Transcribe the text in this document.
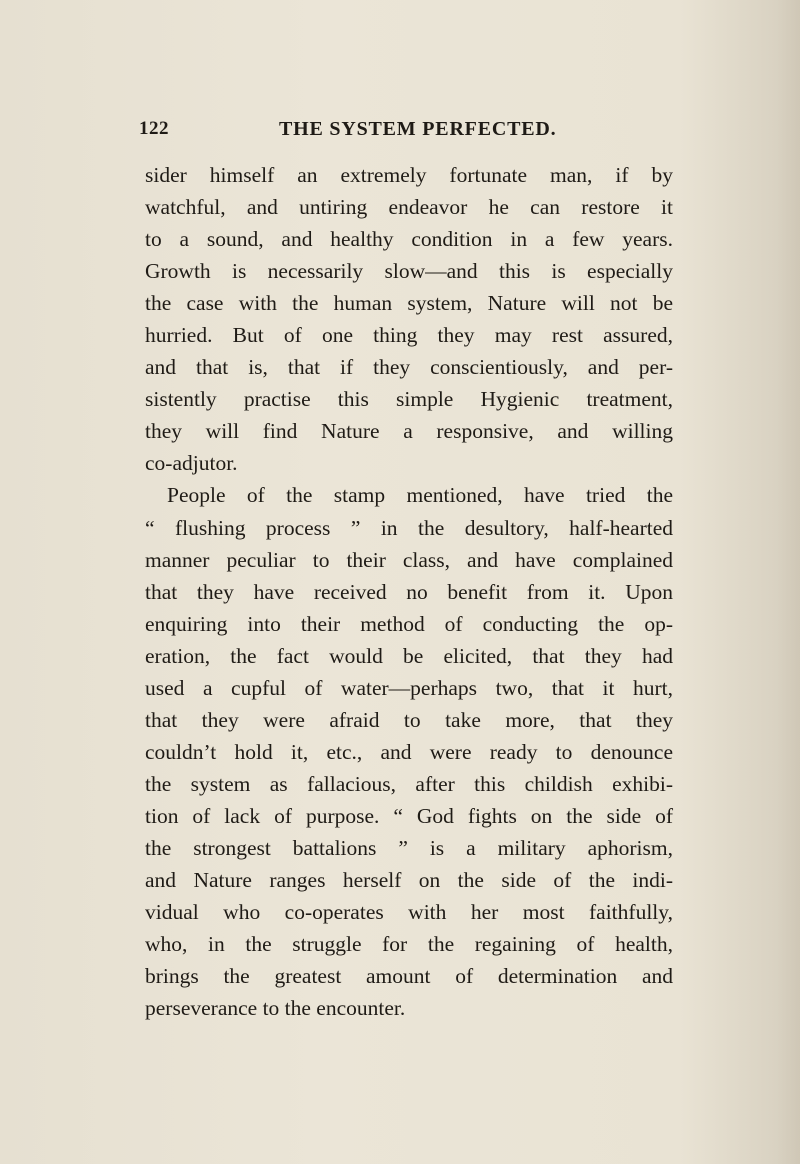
122	THE SYSTEM PERFECTED.
sider himself an extremely fortunate man, if by
watchful, and untiring endeavor he can restore it
to a sound, and healthy condition in a few years.
Growth is necessarily slow—and this is especially
the case with the human system, Nature will not be
hurried. But of one thing they may rest assured,
and that is, that if they conscientiously, and per-
sistently practise this simple Hygienic treatment,
they will find Nature a responsive, and willing
co-adjutor.
People of the stamp mentioned, have tried the
“ flushing process ” in the desultory, half-hearted
manner peculiar to their class, and have complained
that they have received no benefit from it. Upon
enquiring into their method of conducting the op-
eration, the fact would be elicited, that they had
used a cupful of water—perhaps two, that it hurt,
that they were afraid to take more, that they
couldn’t hold it, etc., and were ready to denounce
the system as fallacious, after this childish exhibi-
tion of lack of purpose. “ God fights on the side of
the strongest battalions ” is a military aphorism,
and Nature ranges herself on the side of the indi-
vidual who co-operates with her most faithfully,
who, in the struggle for the regaining of health,
brings the greatest amount of determination and
perseverance to the encounter.
